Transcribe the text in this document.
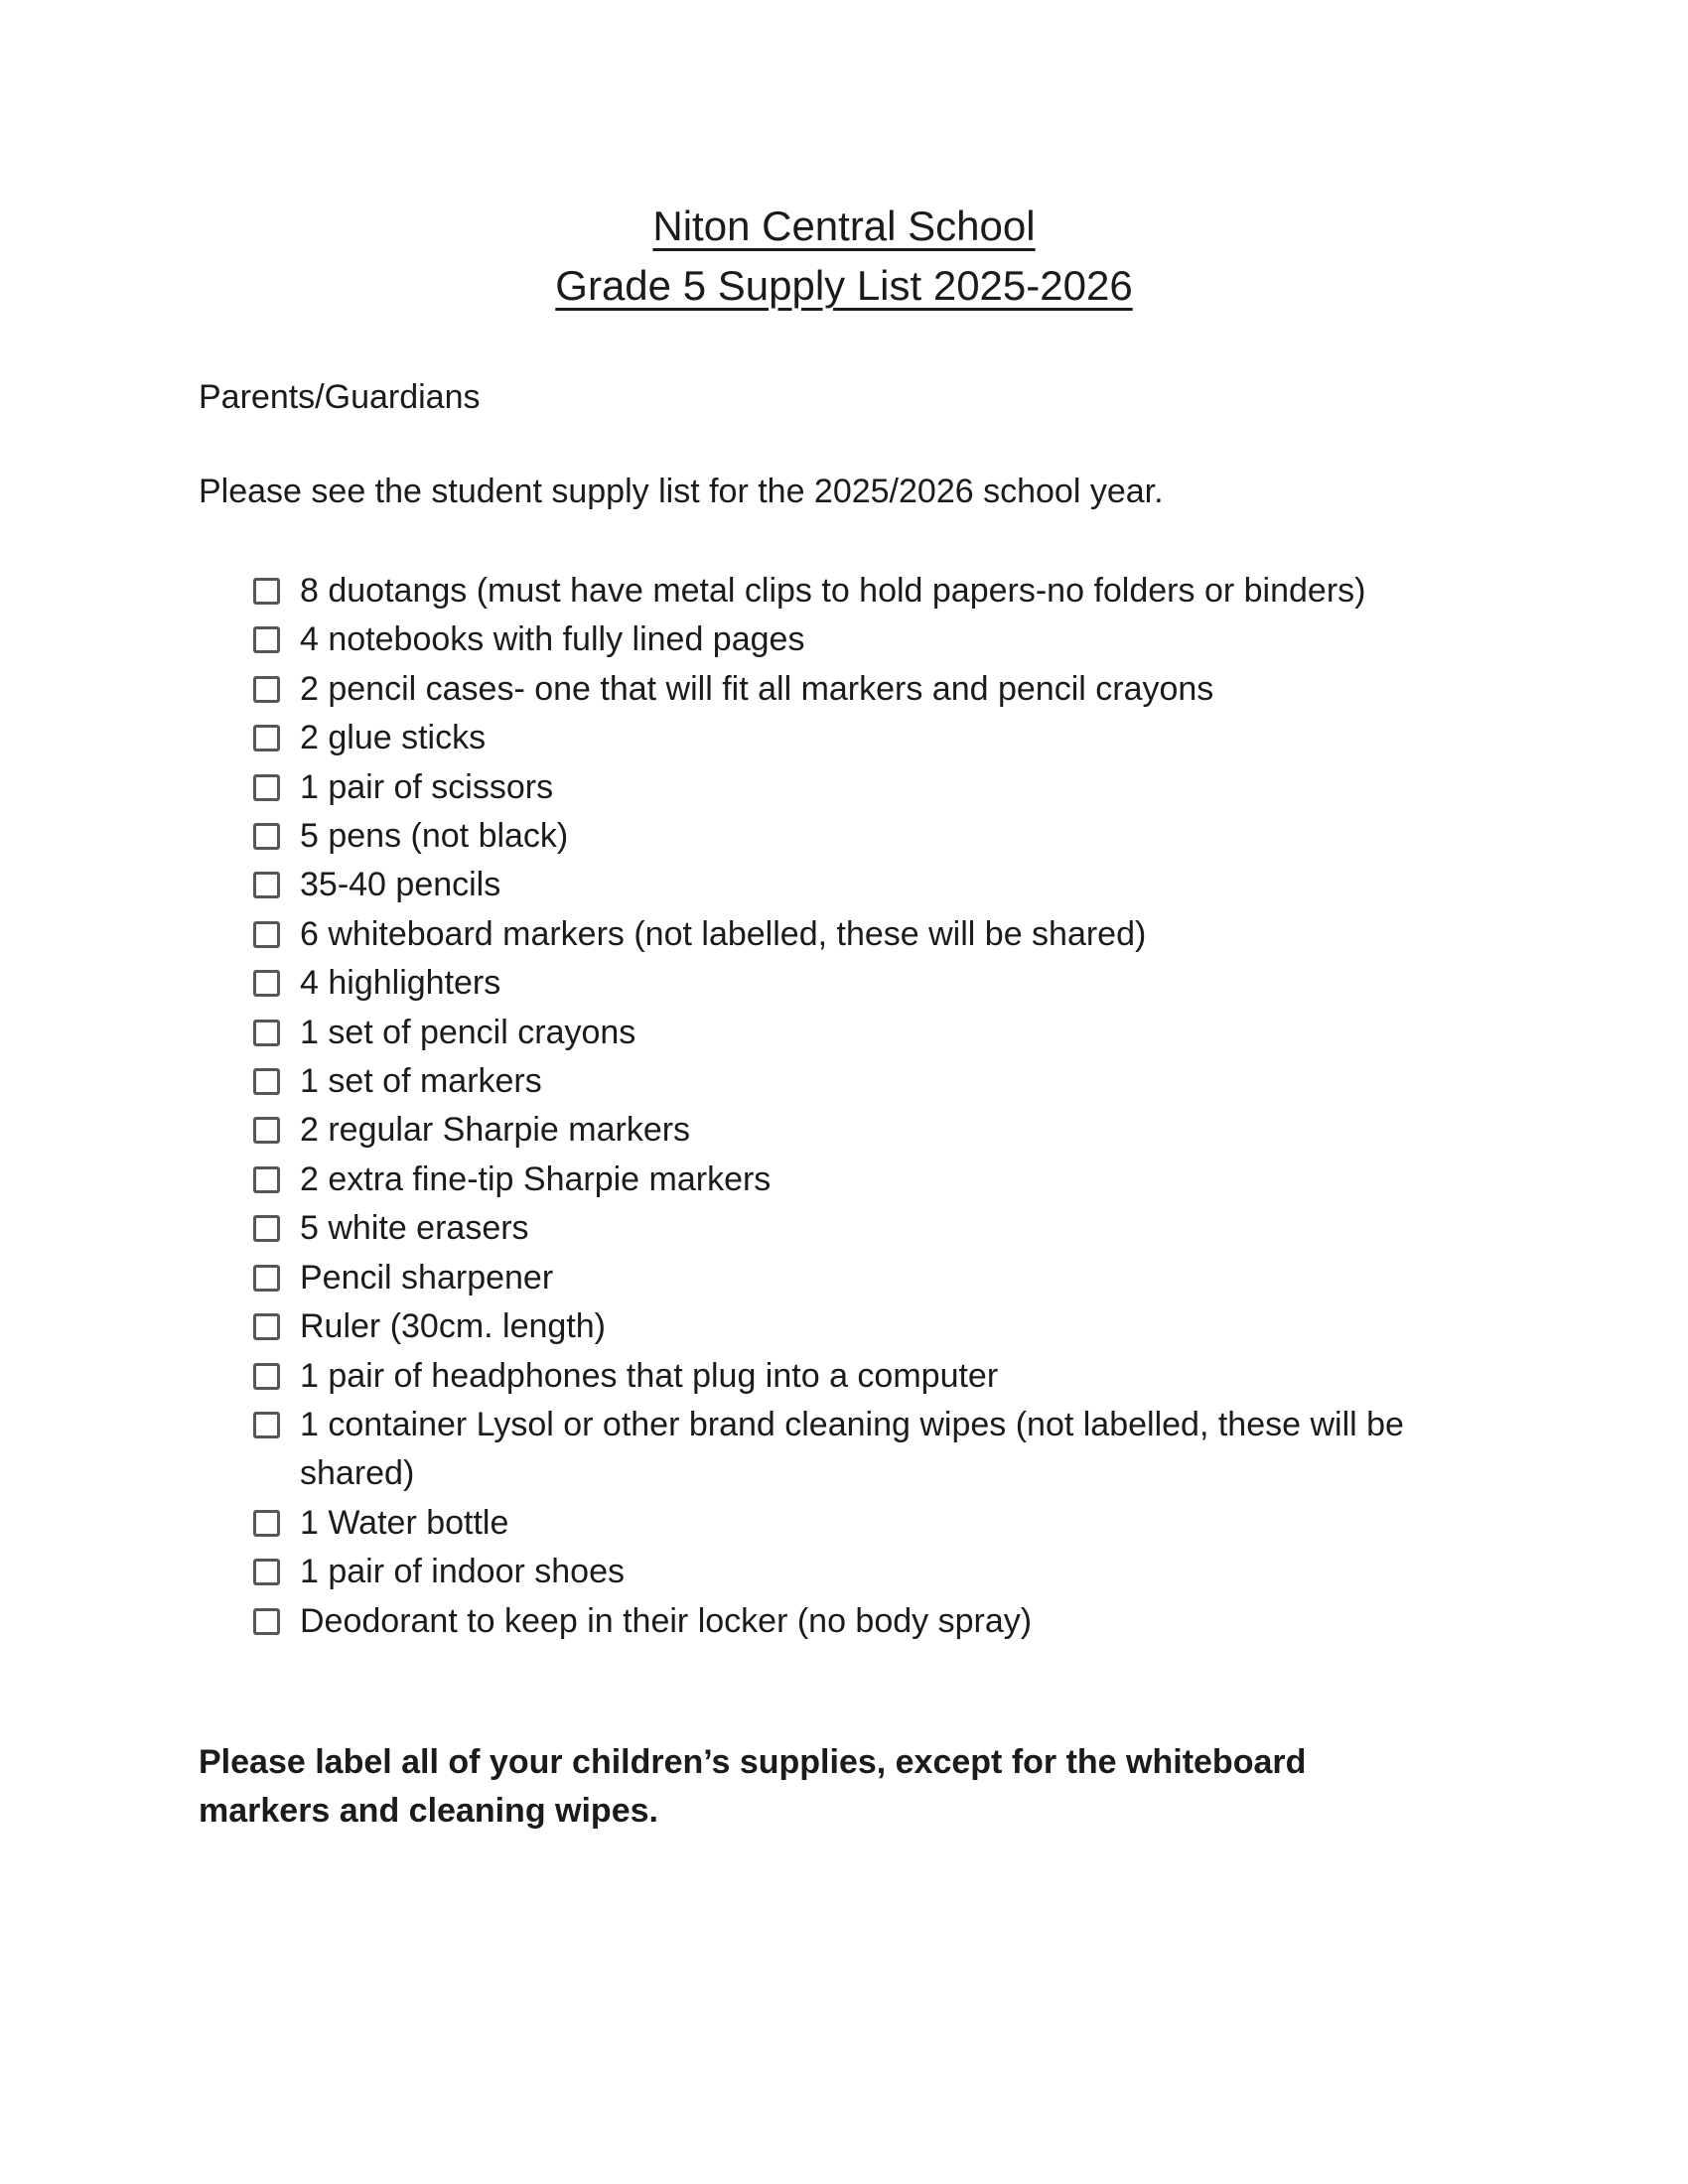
Niton Central School
Grade 5 Supply List 2025-2026

Parents/Guardians

Please see the student supply list for the 2025/2026 school year.

8 duotangs (must have metal clips to hold papers-no folders or binders)
4 notebooks with fully lined pages
2 pencil cases- one that will fit all markers and pencil crayons
2 glue sticks
1 pair of scissors
5 pens (not black)
35-40 pencils
6 whiteboard markers (not labelled, these will be shared)
4 highlighters
1 set of pencil crayons
1 set of markers
2 regular Sharpie markers
2 extra fine-tip Sharpie markers
5 white erasers
Pencil sharpener
Ruler (30cm. length)
1 pair of headphones that plug into a computer
1 container Lysol or other brand cleaning wipes (not labelled, these will be shared)
1 Water bottle
1 pair of indoor shoes
Deodorant to keep in their locker (no body spray)

Please label all of your children’s supplies, except for the whiteboard markers and cleaning wipes.
